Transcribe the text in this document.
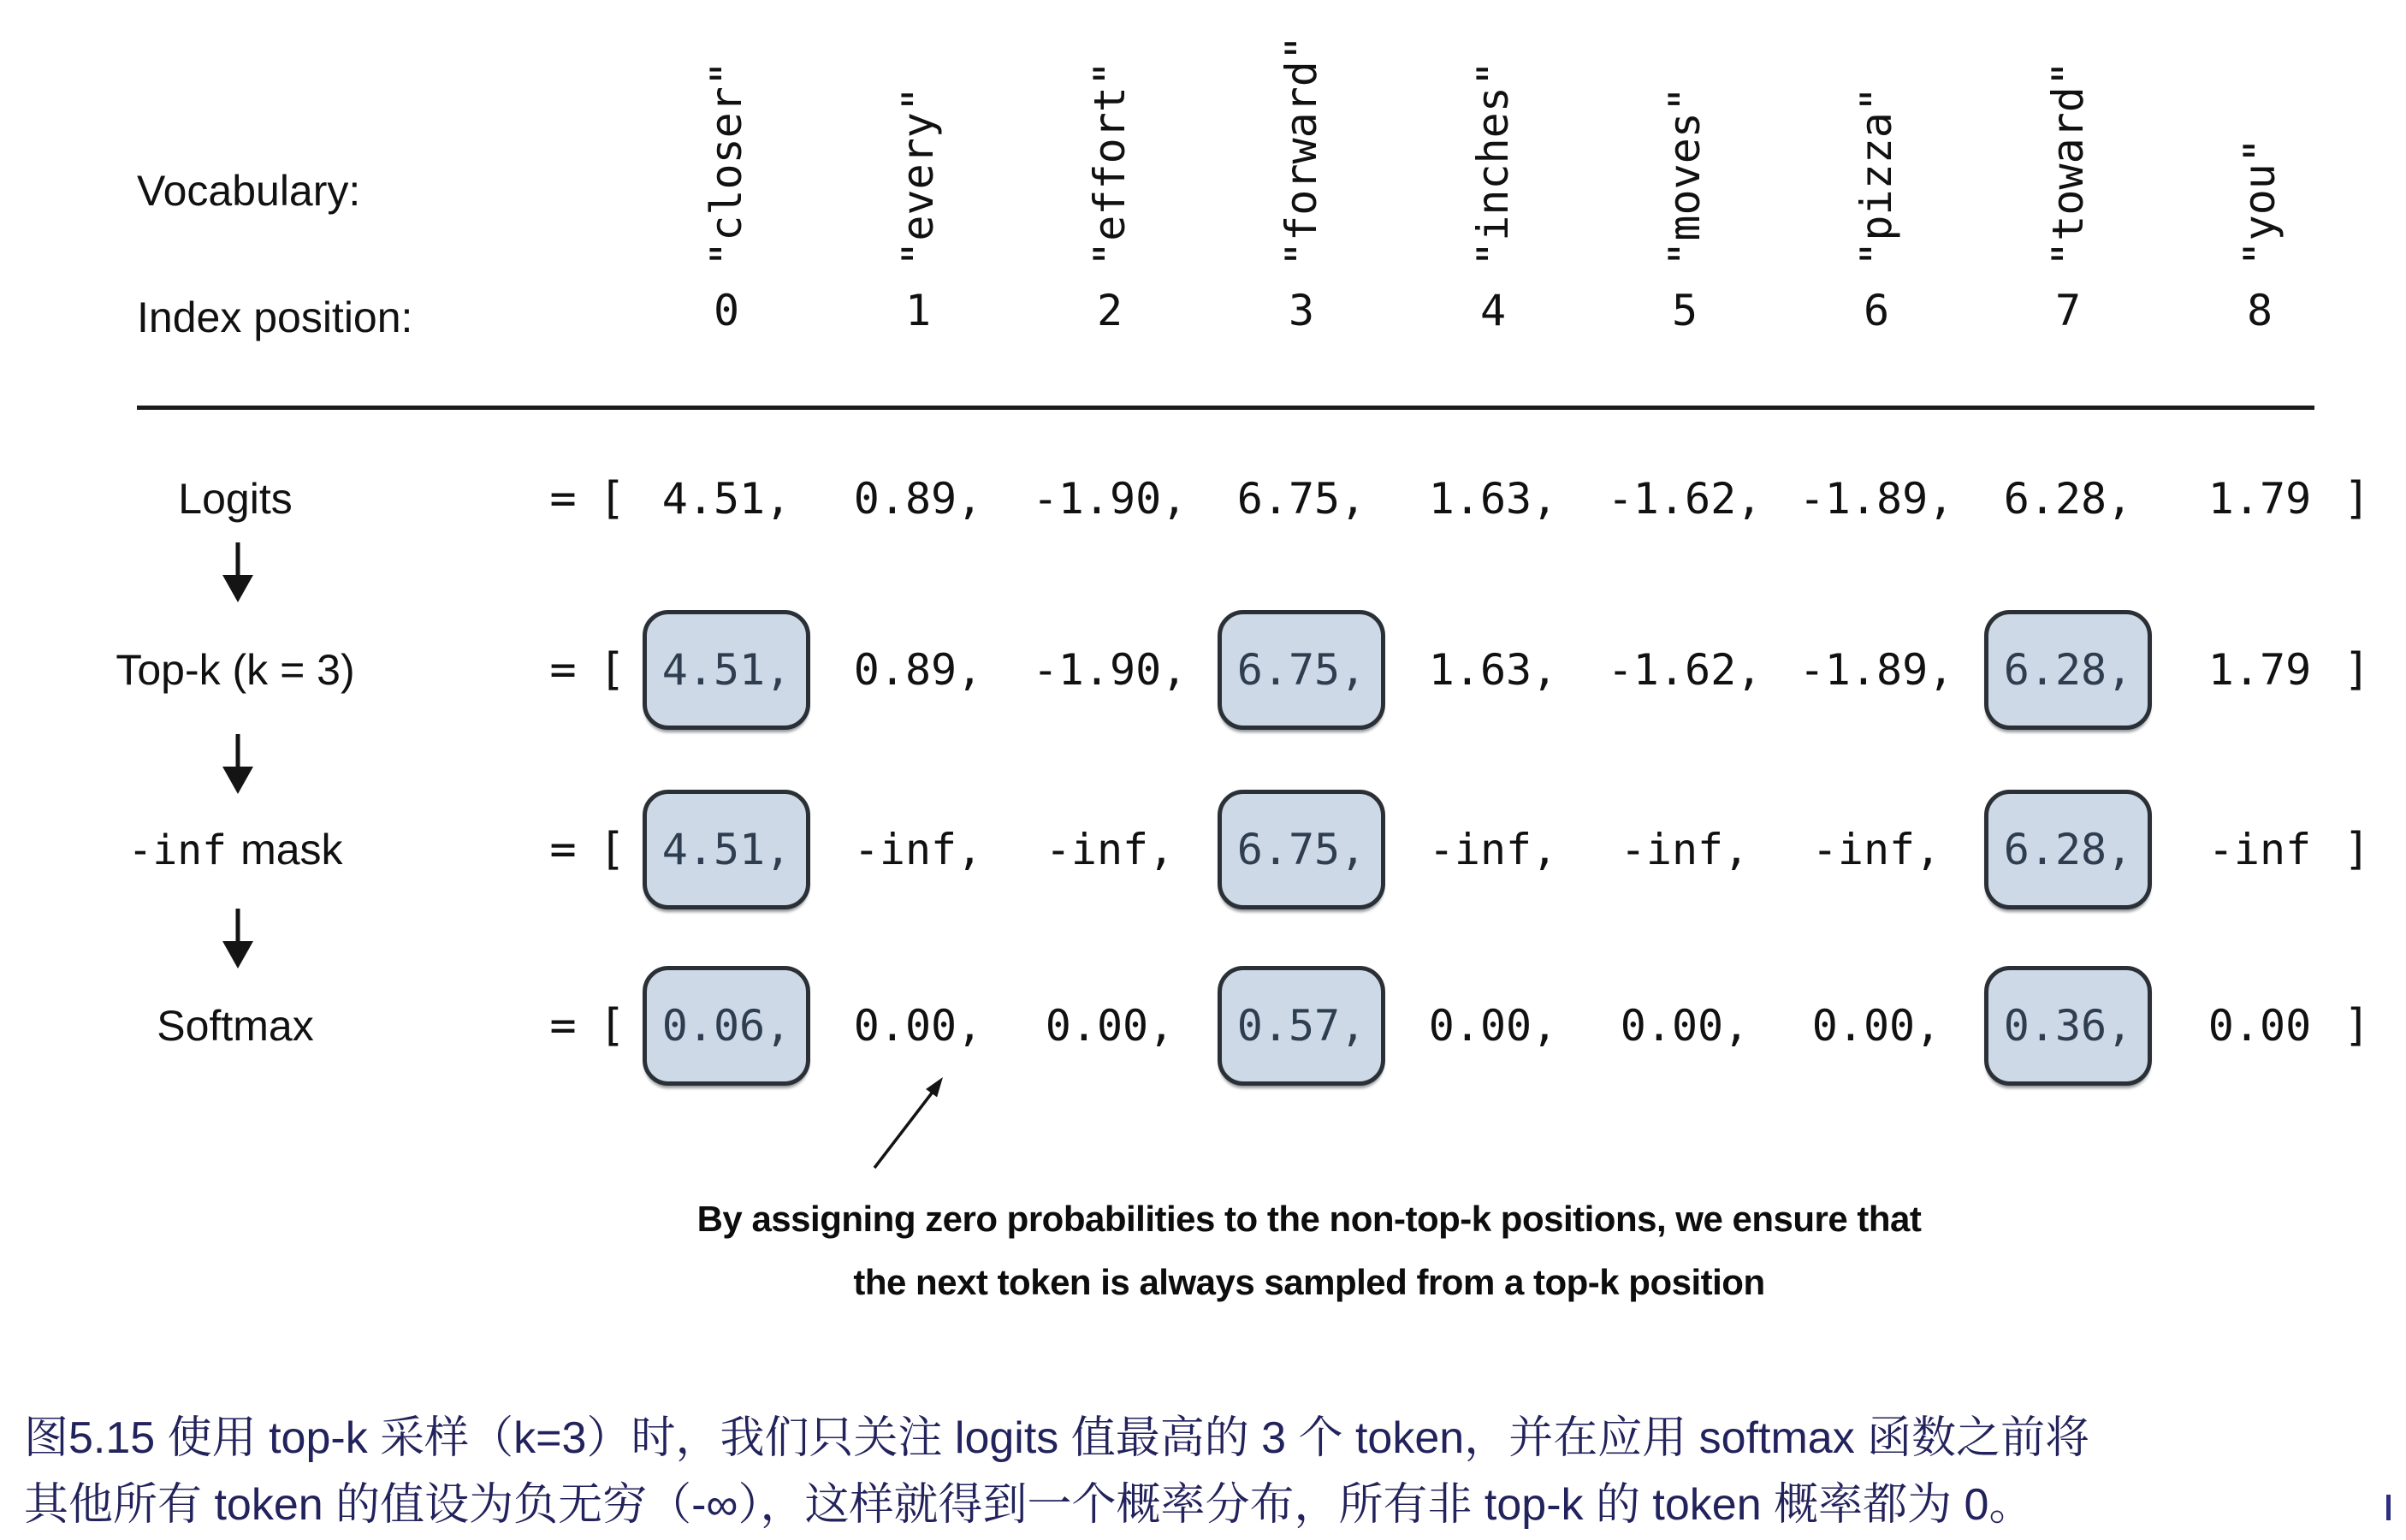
Vocabulary:
Index position:
"closer"	"every"	"effort"	"forward"	"inches"	"moves"	"pizza"	"toward"	"you"
0	1	2	3	4	5	6	7	8
Logits	= [ 4.51,	0.89,	-1.90,	6.75,	1.63,	-1.62, -1.89,	6.28,	1.79 ]
Top-k (k = 3)	= [ 4.51,	0.89,	-1.90,	6.75,	1.63,	-1.62, -1.89,	6.28,	1.79 ]
-inf mask	= [ 4.51,	-inf,	-inf,	6.75,	-inf,	-inf,	-inf,	6.28,	-inf ]
Softmax	= [ 0.06,	0.00,	0.00,	0.57,	0.00,	0.00,	0.00,	0.36,	0.00 ]
By assigning zero probabilities to the non-top-k positions, we ensure that
the next token is always sampled from a top-k position
图5.15 使用 top-k 采样（k=3）时，我们只关注 logits 值最高的 3 个 token，并在应用 softmax 函数之前将
其他所有 token 的值设为负无穷（-∞），这样就得到一个概率分布，所有非 top-k 的 token 概率都为 0。
